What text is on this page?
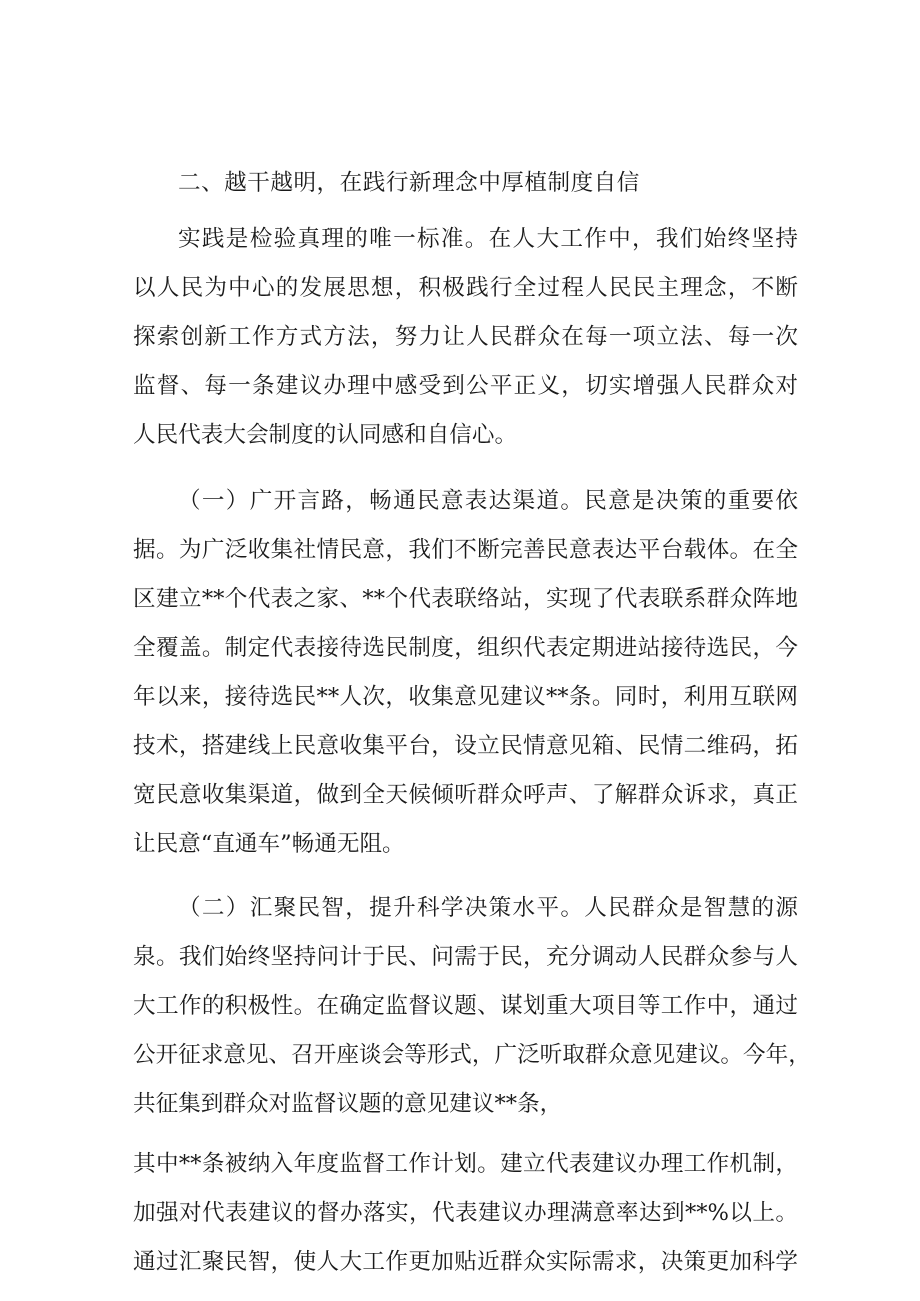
二、越干越明，在践行新理念中厚植制度自信
实践是检验真理的唯一标准。在人大工作中，我们始终坚持
以人民为中心的发展思想，积极践行全过程人民民主理念，不断
探索创新工作方式方法，努力让人民群众在每一项立法、每一次
监督、每一条建议办理中感受到公平正义，切实增强人民群众对
人民代表大会制度的认同感和自信心。
（一）广开言路，畅通民意表达渠道。民意是决策的重要依
据。为广泛收集社情民意，我们不断完善民意表达平台载体。在全
区建立**个代表之家、**个代表联络站，实现了代表联系群众阵地
全覆盖。制定代表接待选民制度，组织代表定期进站接待选民，今
年以来，接待选民**人次，收集意见建议**条。同时，利用互联网
技术，搭建线上民意收集平台，设立民情意见箱、民情二维码，拓
宽民意收集渠道，做到全天候倾听群众呼声、了解群众诉求，真正
让民意“直通车”畅通无阻。
（二）汇聚民智，提升科学决策水平。人民群众是智慧的源
泉。我们始终坚持问计于民、问需于民，充分调动人民群众参与人
大工作的积极性。在确定监督议题、谋划重大项目等工作中，通过
公开征求意见、召开座谈会等形式，广泛听取群众意见建议。今年，
共征集到群众对监督议题的意见建议**条，
其中**条被纳入年度监督工作计划。建立代表建议办理工作机制，
加强对代表建议的督办落实，代表建议办理满意率达到**%以上。
通过汇聚民智，使人大工作更加贴近群众实际需求，决策更加科学
